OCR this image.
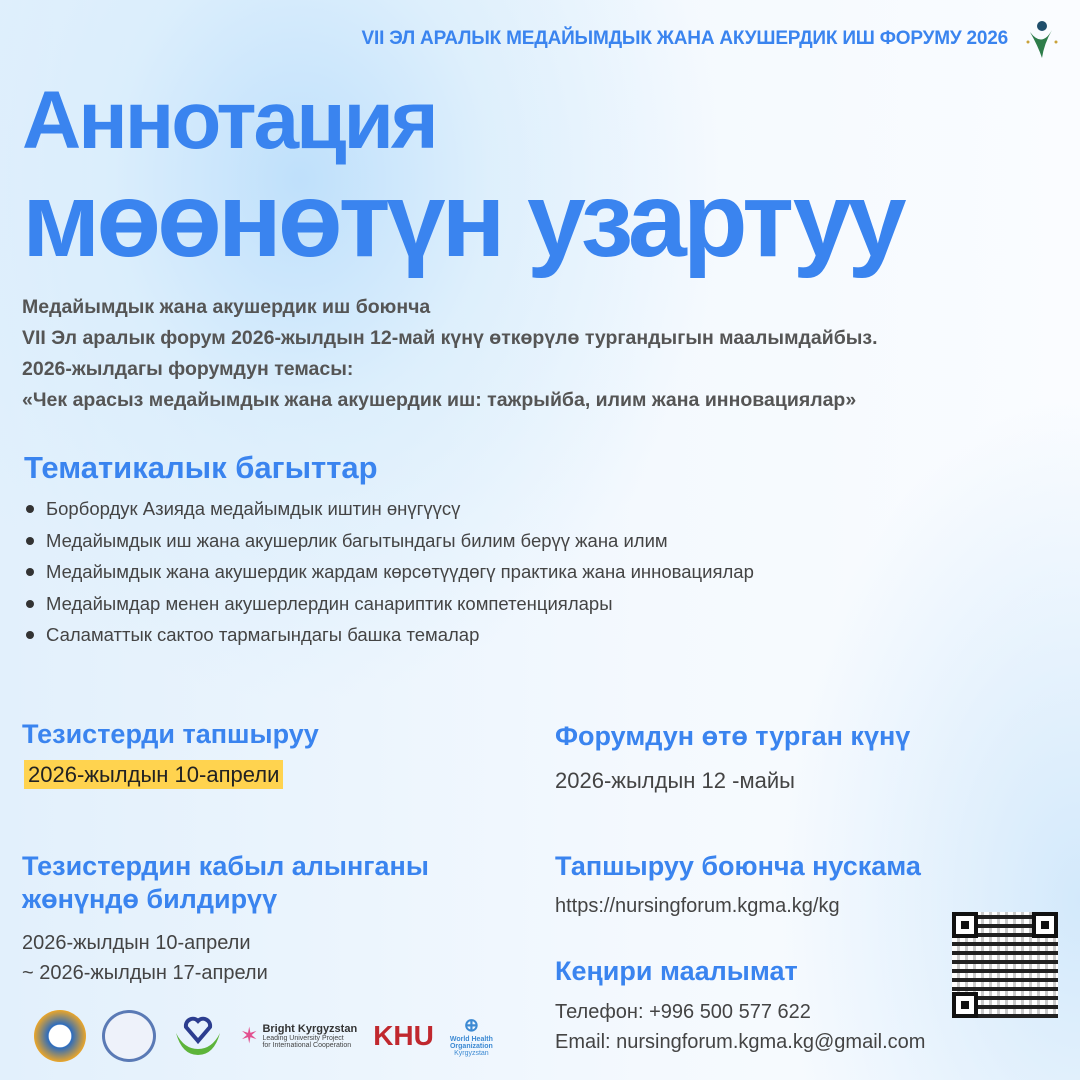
VII ЭЛ АРАЛЫК МЕДАЙЫМДЫК ЖАНА АКУШЕРДИК ИШ ФОРУМУ 2026
Аннотация
мөөнөтүн узартуу
Медайымдык жана акушердик иш боюнча
VII Эл аралык форум 2026-жылдын 12-май күнү өткөрүлө тургандыгын маалымдайбыз.
2026-жылдагы форумдун темасы:
«Чек арасыз медайымдык жана акушердик иш: тажрыйба, илим жана инновациялар»
Тематикалык багыттар
Борбордук Азияда медайымдык иштин өнүгүүсү
Медайымдык иш жана акушерлик багытындагы билим берүү жана илим
Медайымдык жана акушердик жардам көрсөтүүдөгү практика жана инновациялар
Медайымдар менен акушерлердин санариптик компетенциялары
Саламаттык сактоо тармагындагы башка темалар
Тезистерди тапшыруу
2026-жылдын 10-апрели
Форумдун өтө турган күнү
2026-жылдын 12 -майы
Тезистердин кабыл алынганы
жөнүндө билдирүү
2026-жылдын 10-апрели
~ 2026-жылдын 17-апрели
Тапшыруу боюнча нускама
https://nursingforum.kgma.kg/kg
Кеңири маалымат
Телефон: +996 500 577 622
Email: nursingforum.kgma.kg@gmail.com
✶ Bright Kyrgyzstan
Leading University Project
for International Cooperation KHU	⊕
World Health
Organization
Kyrgyzstan
